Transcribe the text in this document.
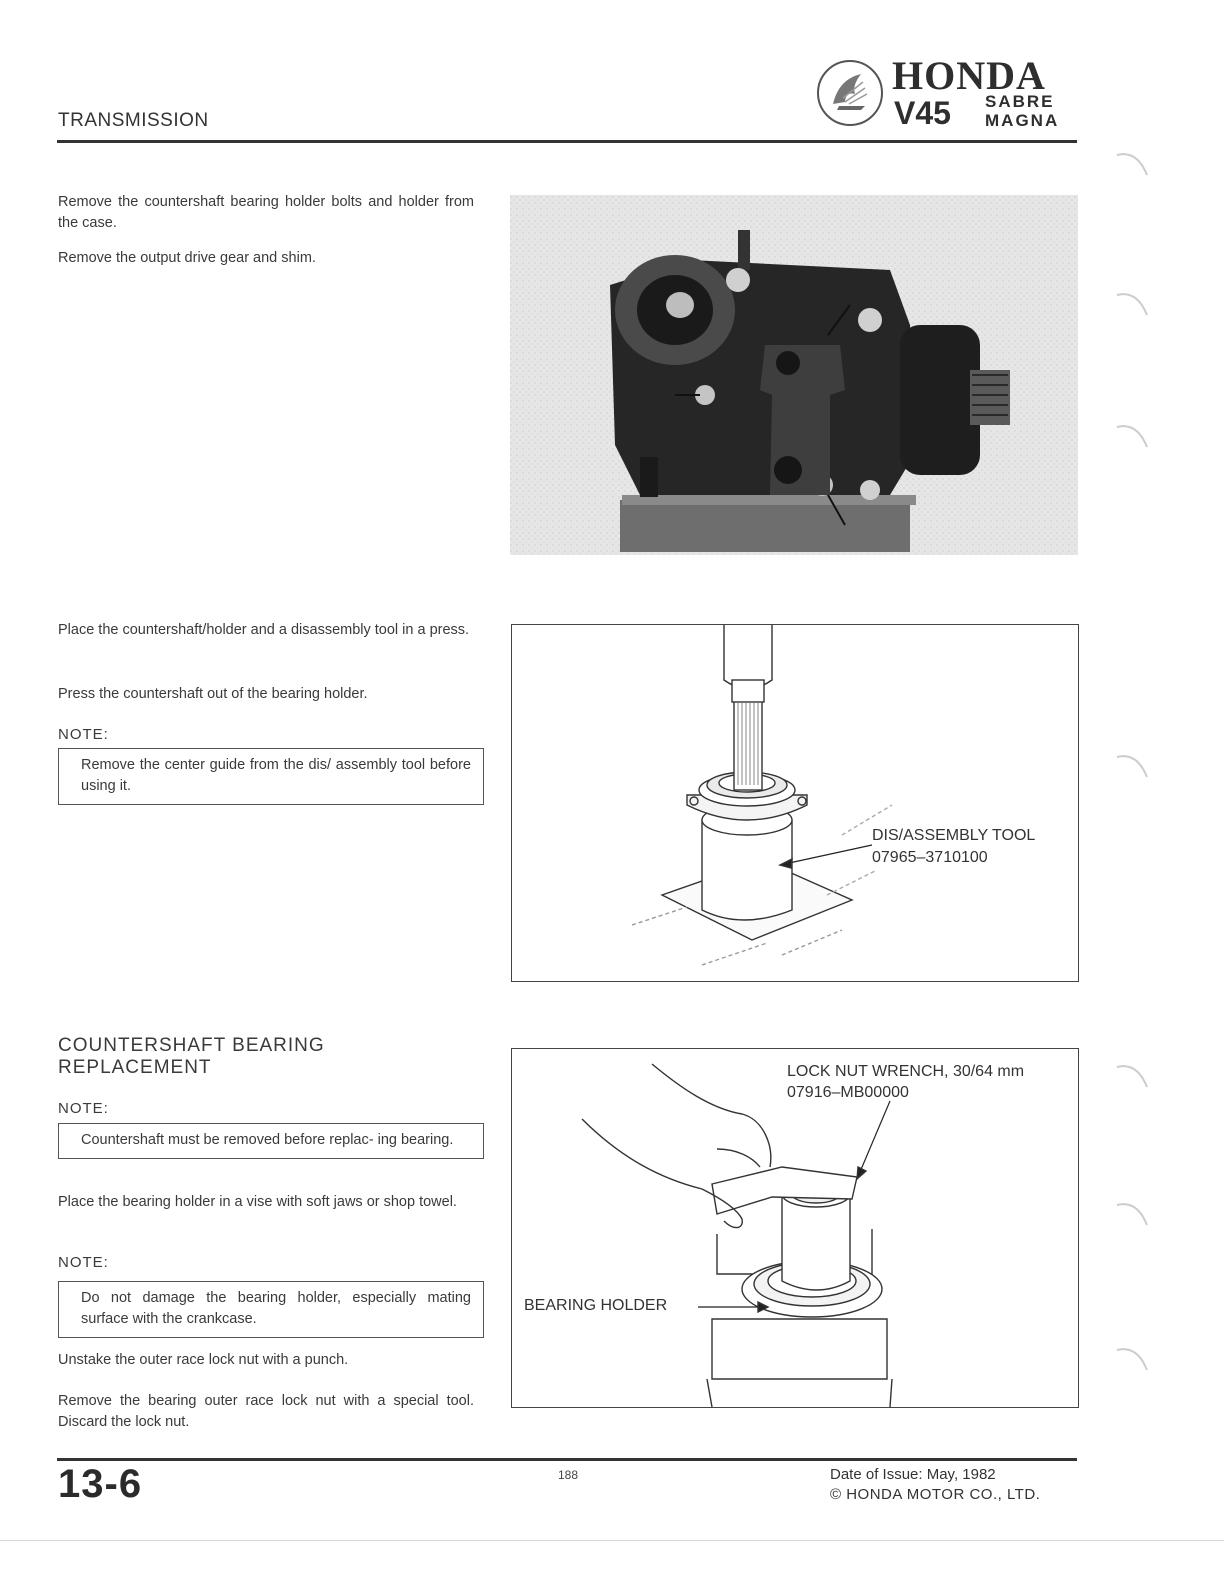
TRANSMISSION
HONDA
V45 SABRE
MAGNA

Remove the countershaft bearing holder bolts and holder from the case.

Remove the output drive gear and shim.

Place the countershaft/holder and a disassembly tool in a press.

Press the countershaft out of the bearing holder.

NOTE:
Remove the center guide from the dis/ assembly tool before using it.
COUNTERSHAFT BEARING
REPLACEMENT
NOTE:
Countershaft must be removed before replac- ing bearing.

Place the bearing holder in a vise with soft jaws or shop towel.

NOTE:
Do not damage the bearing holder, especially mating surface with the crankcase.

Unstake the outer race lock nut with a punch.

Remove the bearing outer race lock nut with a special tool. Discard the lock nut.

DIS/ASSEMBLY TOOL
07965–3710100
LOCK NUT WRENCH, 30/64 mm
07916–MB00000
BEARING HOLDER
13-6	188	Date of Issue: May, 1982
© HONDA MOTOR CO., LTD.
